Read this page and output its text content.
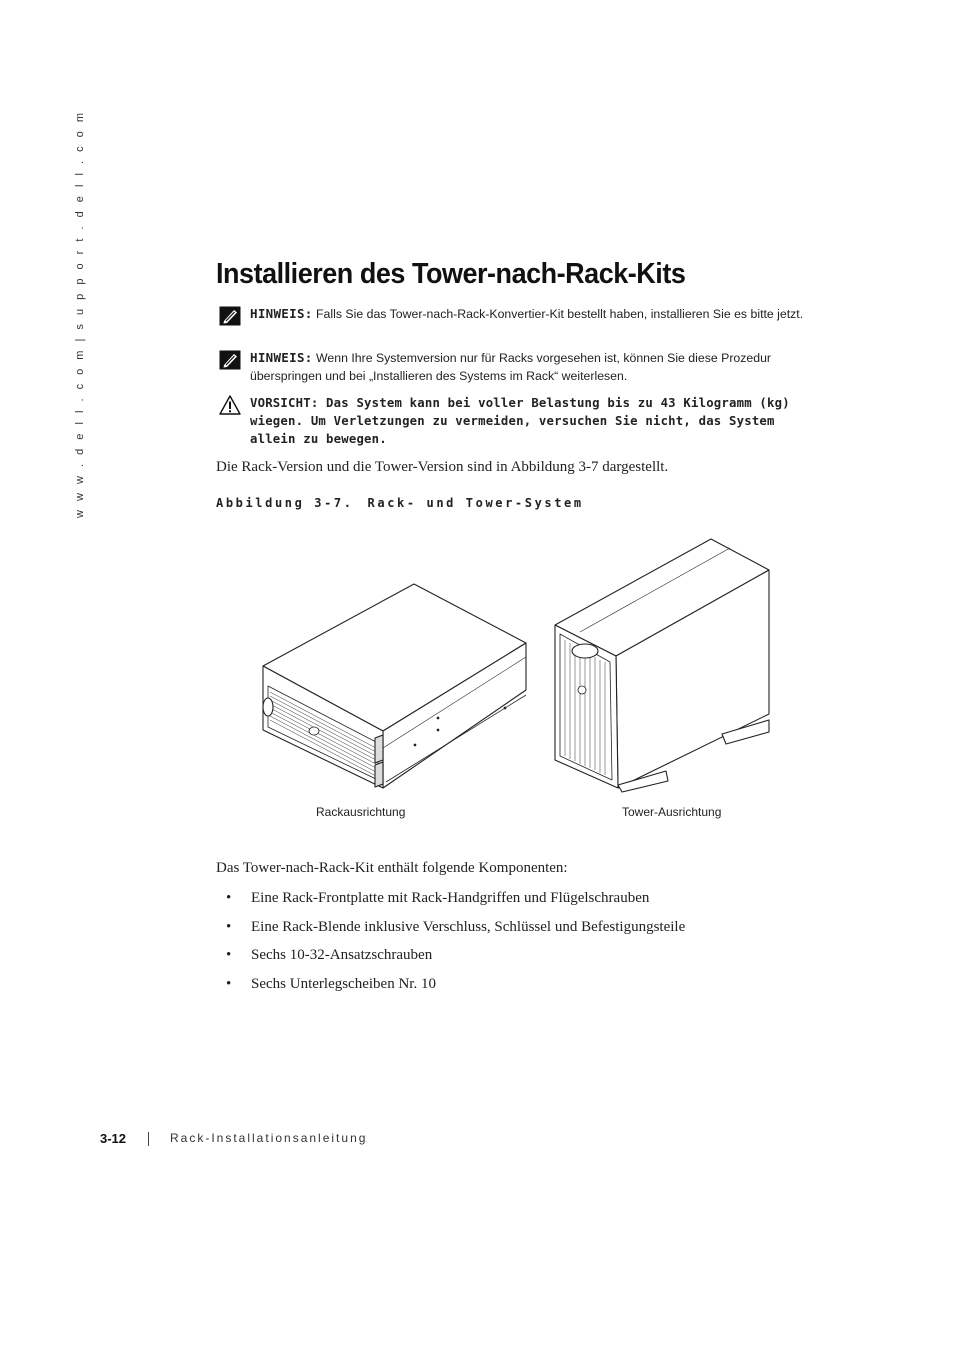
w w w . d e l l . c o m | s u p p o r t . d e l l . c o m	Installieren des Tower-nach-Rack-Kits
HINWEIS: Falls Sie das Tower-nach-Rack-Konvertier-Kit bestellt haben, installieren Sie es bitte jetzt.
HINWEIS: Wenn Ihre Systemversion nur für Racks vorgesehen ist, können Sie diese Prozedur überspringen und bei „Installieren des Systems im Rack“ weiterlesen.
VORSICHT: Das System kann bei voller Belastung bis zu 43 Kilogramm (kg) wiegen. Um Verletzungen zu vermeiden, versuchen Sie nicht, das System allein zu bewegen.

Die Rack-Version und die Tower-Version sind in Abbildung 3-7 dargestellt.

Abbildung 3-7. Rack- und Tower-System
Rackausrichtung	Tower-Ausrichtung

Das Tower-nach-Rack-Kit enthält folgende Komponenten:

• Eine Rack-Frontplatte mit Rack-Handgriffen und Flügelschrauben
• Eine Rack-Blende inklusive Verschluss, Schlüssel und Befestigungsteile
• Sechs 10-32-Ansatzschrauben
• Sechs Unterlegscheiben Nr. 10
3-12	Rack-Installationsanleitung
